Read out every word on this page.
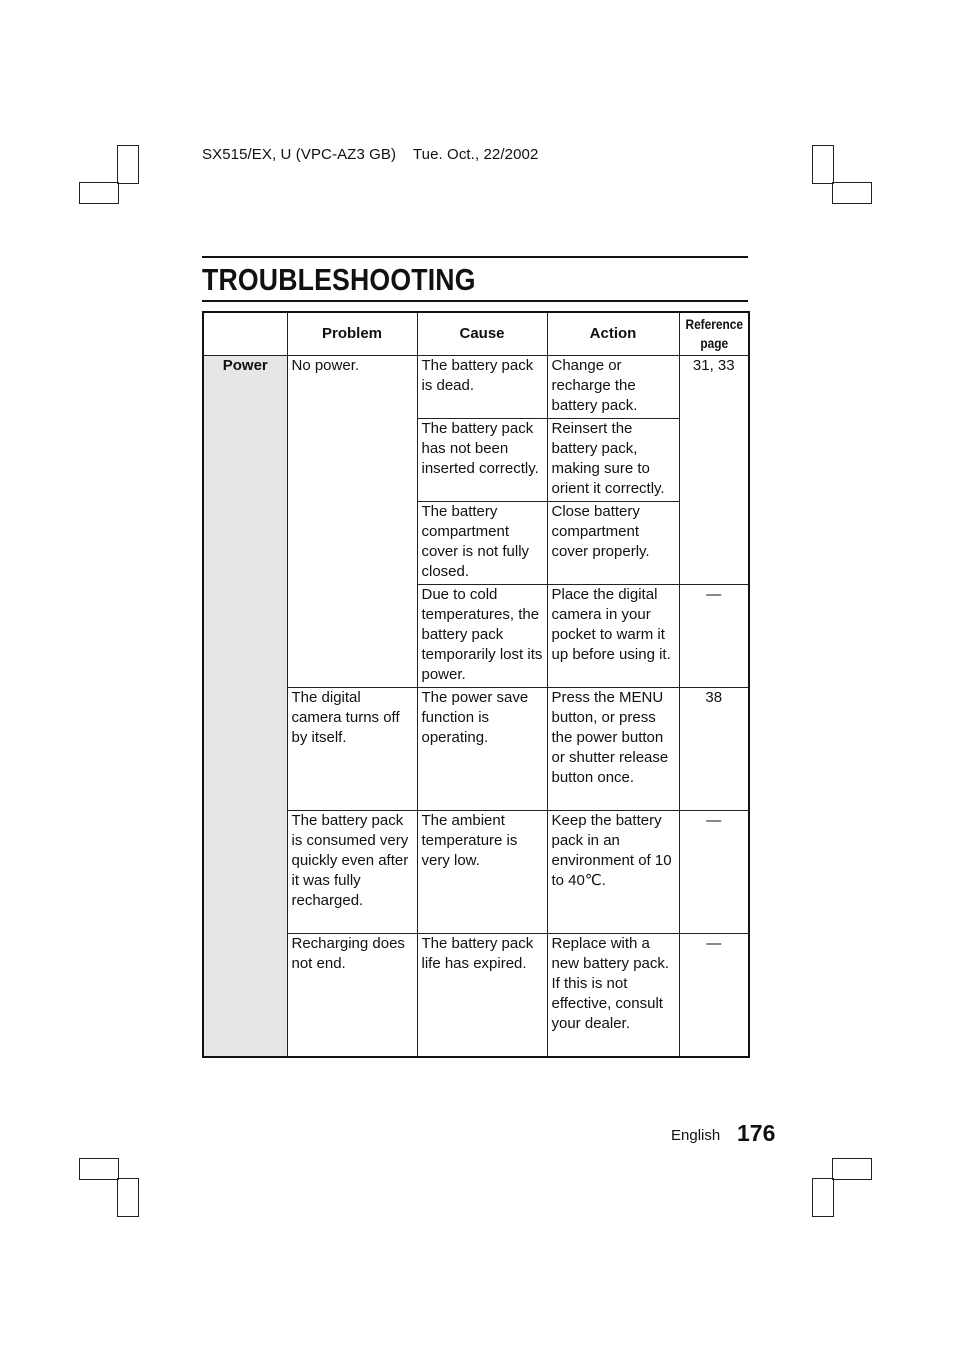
SX515/EX, U (VPC-AZ3 GB)    Tue. Oct., 22/2002
TROUBLESHOOTING
	Problem	Cause	Action	Reference page
Power	No power.	The battery pack is dead.	Change or recharge the battery pack.	31, 33
		The battery pack has not been inserted correctly.	Reinsert the battery pack, making sure to orient it correctly.	
		The battery compartment cover is not fully closed.	Close battery compartment cover properly.	
		Due to cold temperatures, the battery pack temporarily lost its power.	Place the digital camera in your pocket to warm it up before using it.	—
	The digital camera turns off by itself.	The power save function is operating.	Press the MENU button, or press the power button or shutter release button once.	38
	The battery pack is consumed very quickly even after it was fully recharged.	The ambient temperature is very low.	Keep the battery pack in an environment of 10 to 40℃.	—
	Recharging does not end.	The battery pack life has expired.	Replace with a new battery pack. If this is not effective, consult your dealer.	—
English 176
